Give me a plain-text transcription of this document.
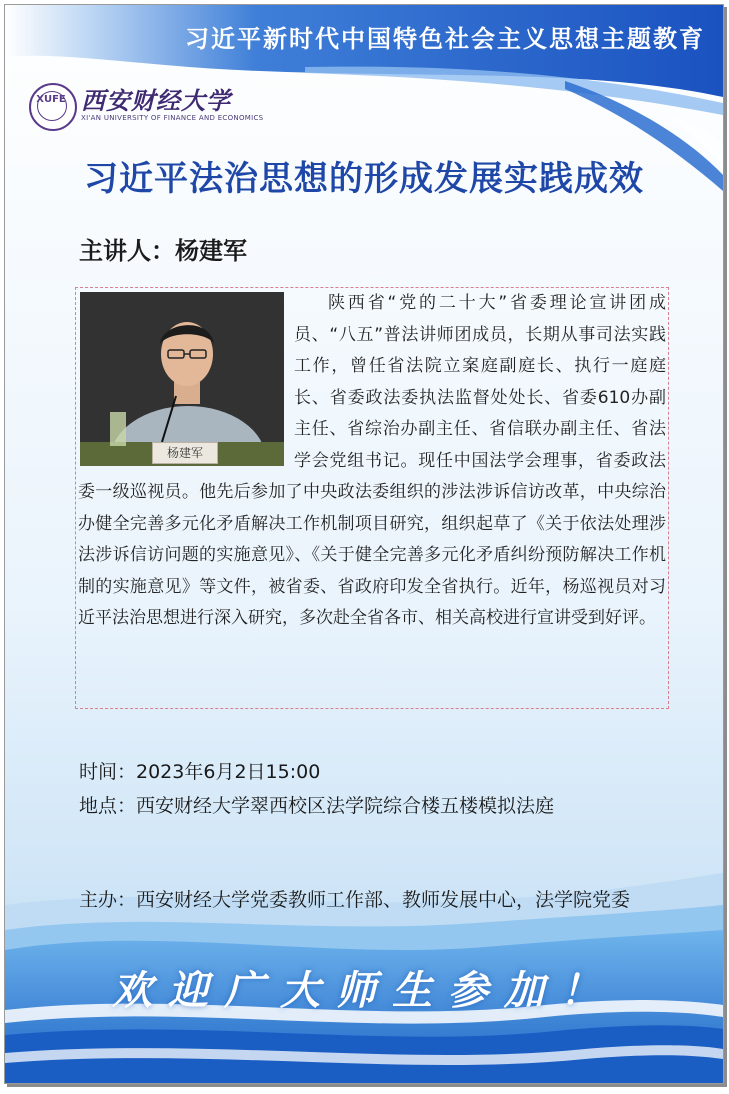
习近平新时代中国特色社会主义思想主题教育
XUFE 西安财经大学
XI'AN UNIVERSITY OF FINANCE AND ECONOMICS
习近平法治思想的形成发展实践成效
主讲人：杨建军
杨建军

陕西省“党的二十大”省委理论宣讲团成员、“八五”普法讲师团成员，长期从事司法实践工作，曾任省法院立案庭副庭长、执行一庭庭长、省委政法委执法监督处处长、省委610办副主任、省综治办副主任、省信联办副主任、省法学会党组书记。现任中国法学会理事，省委政法委一级巡视员。他先后参加了中央政法委组织的涉法涉诉信访改革，中央综治办健全完善多元化矛盾解决工作机制项目研究，组织起草了《关于依法处理涉法涉诉信访问题的实施意见》、《关于健全完善多元化矛盾纠纷预防解决工作机制的实施意见》等文件，被省委、省政府印发全省执行。近年，杨巡视员对习近平法治思想进行深入研究，多次赴全省各市、相关高校进行宣讲受到好评。

时间：2023年6月2日15:00
地点：西安财经大学翠西校区法学院综合楼五楼模拟法庭
主办：西安财经大学党委教师工作部、教师发展中心，法学院党委
欢迎广大师生参加！
